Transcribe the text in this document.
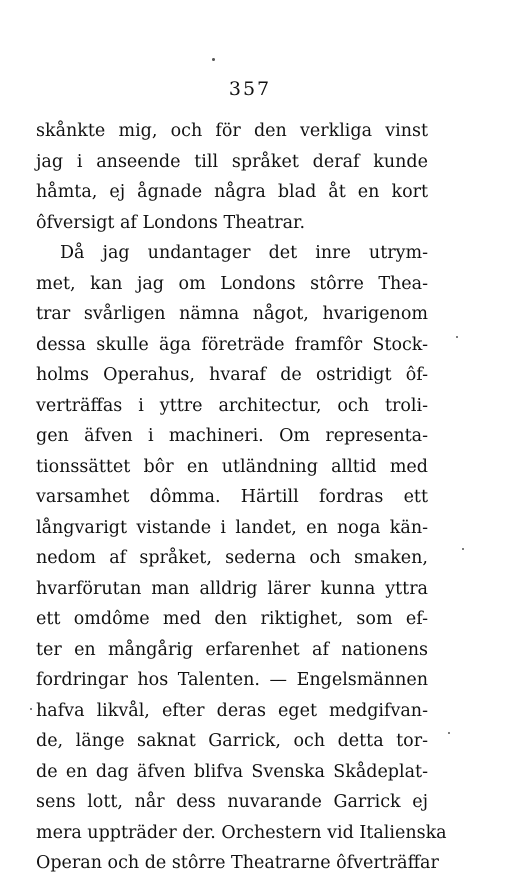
357
skånkte mig, och för den verkliga vinst
jag i anseende till språket deraf kunde
håmta, ej ågnade några blad åt en kort
ôfversigt af Londons Theatrar.
Då jag undantager det inre utrym-
met, kan jag om Londons stôrre Thea-
trar svårligen nämna något, hvarigenom
dessa skulle äga företräde framfôr Stock-
holms Operahus, hvaraf de ostridigt ôf-
verträffas i yttre architectur, och troli-
gen äfven i machineri. Om representa-
tionssättet bôr en utländning alltid med
varsamhet dômma. Härtill fordras ett
långvarigt vistande i landet, en noga kän-
nedom af språket, sederna och smaken,
hvarförutan man alldrig lärer kunna yttra
ett omdôme med den riktighet, som ef-
ter en mångårig erfarenhet af nationens
fordringar hos Talenten. — Engelsmännen
hafva likvål, efter deras eget medgifvan-
de, länge saknat Garrick, och detta tor-
de en dag äfven blifva Svenska Skådeplat-
sens lott, når dess nuvarande Garrick ej
mera uppträder der. Orchestern vid Italienska
Operan och de stôrre Theatrarne ôfverträffar
